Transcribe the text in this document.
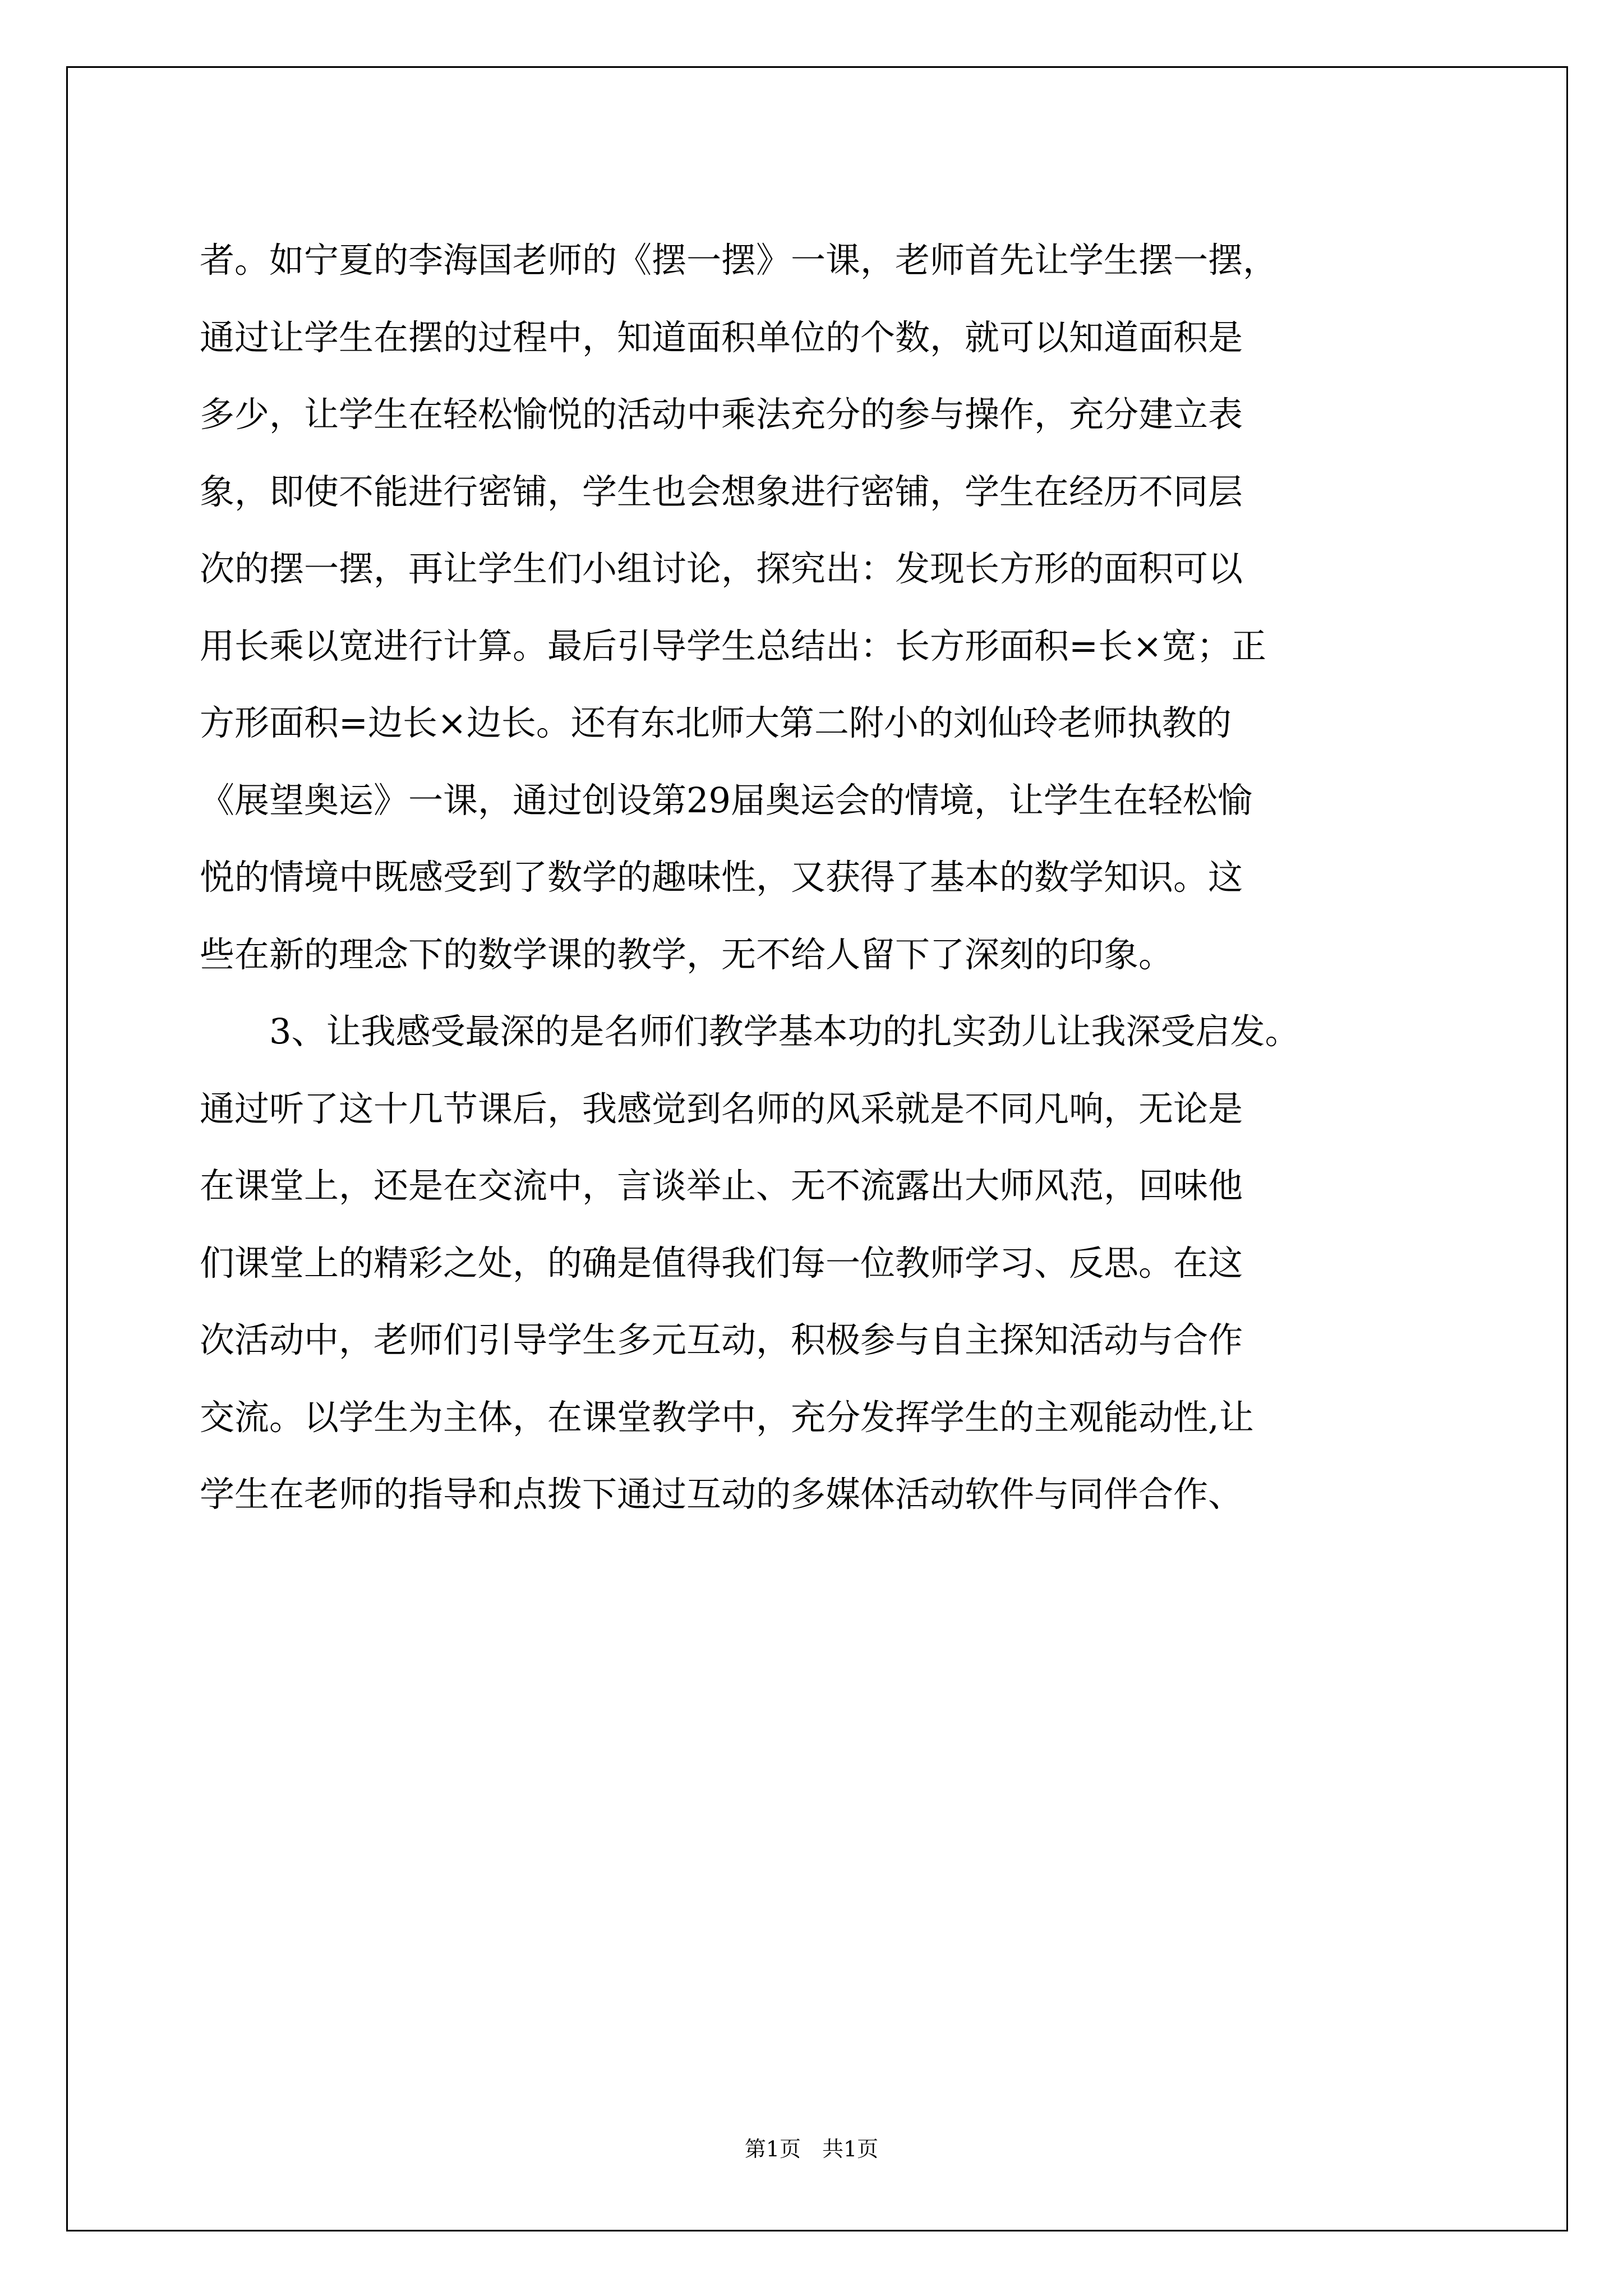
者。如宁夏的李海国老师的《摆一摆》一课，老师首先让学生摆一摆，
通过让学生在摆的过程中，知道面积单位的个数，就可以知道面积是
多少，让学生在轻松愉悦的活动中乘法充分的参与操作，充分建立表
象，即使不能进行密铺，学生也会想象进行密铺，学生在经历不同层
次的摆一摆，再让学生们小组讨论，探究出：发现长方形的面积可以
用长乘以宽进行计算。最后引导学生总结出：长方形面积=长×宽；正
方形面积=边长×边长。还有东北师大第二附小的刘仙玲老师执教的
《展望奥运》一课，通过创设第29届奥运会的情境，让学生在轻松愉
悦的情境中既感受到了数学的趣味性，又获得了基本的数学知识。这
些在新的理念下的数学课的教学，无不给人留下了深刻的印象。
　　3、让我感受最深的是名师们教学基本功的扎实劲儿让我深受启发。
通过听了这十几节课后，我感觉到名师的风采就是不同凡响，无论是
在课堂上，还是在交流中，言谈举止、无不流露出大师风范，回味他
们课堂上的精彩之处，的确是值得我们每一位教师学习、反思。在这
次活动中，老师们引导学生多元互动，积极参与自主探知活动与合作
交流。以学生为主体，在课堂教学中，充分发挥学生的主观能动性,让
学生在老师的指导和点拨下通过互动的多媒体活动软件与同伴合作、
第1页　共1页
